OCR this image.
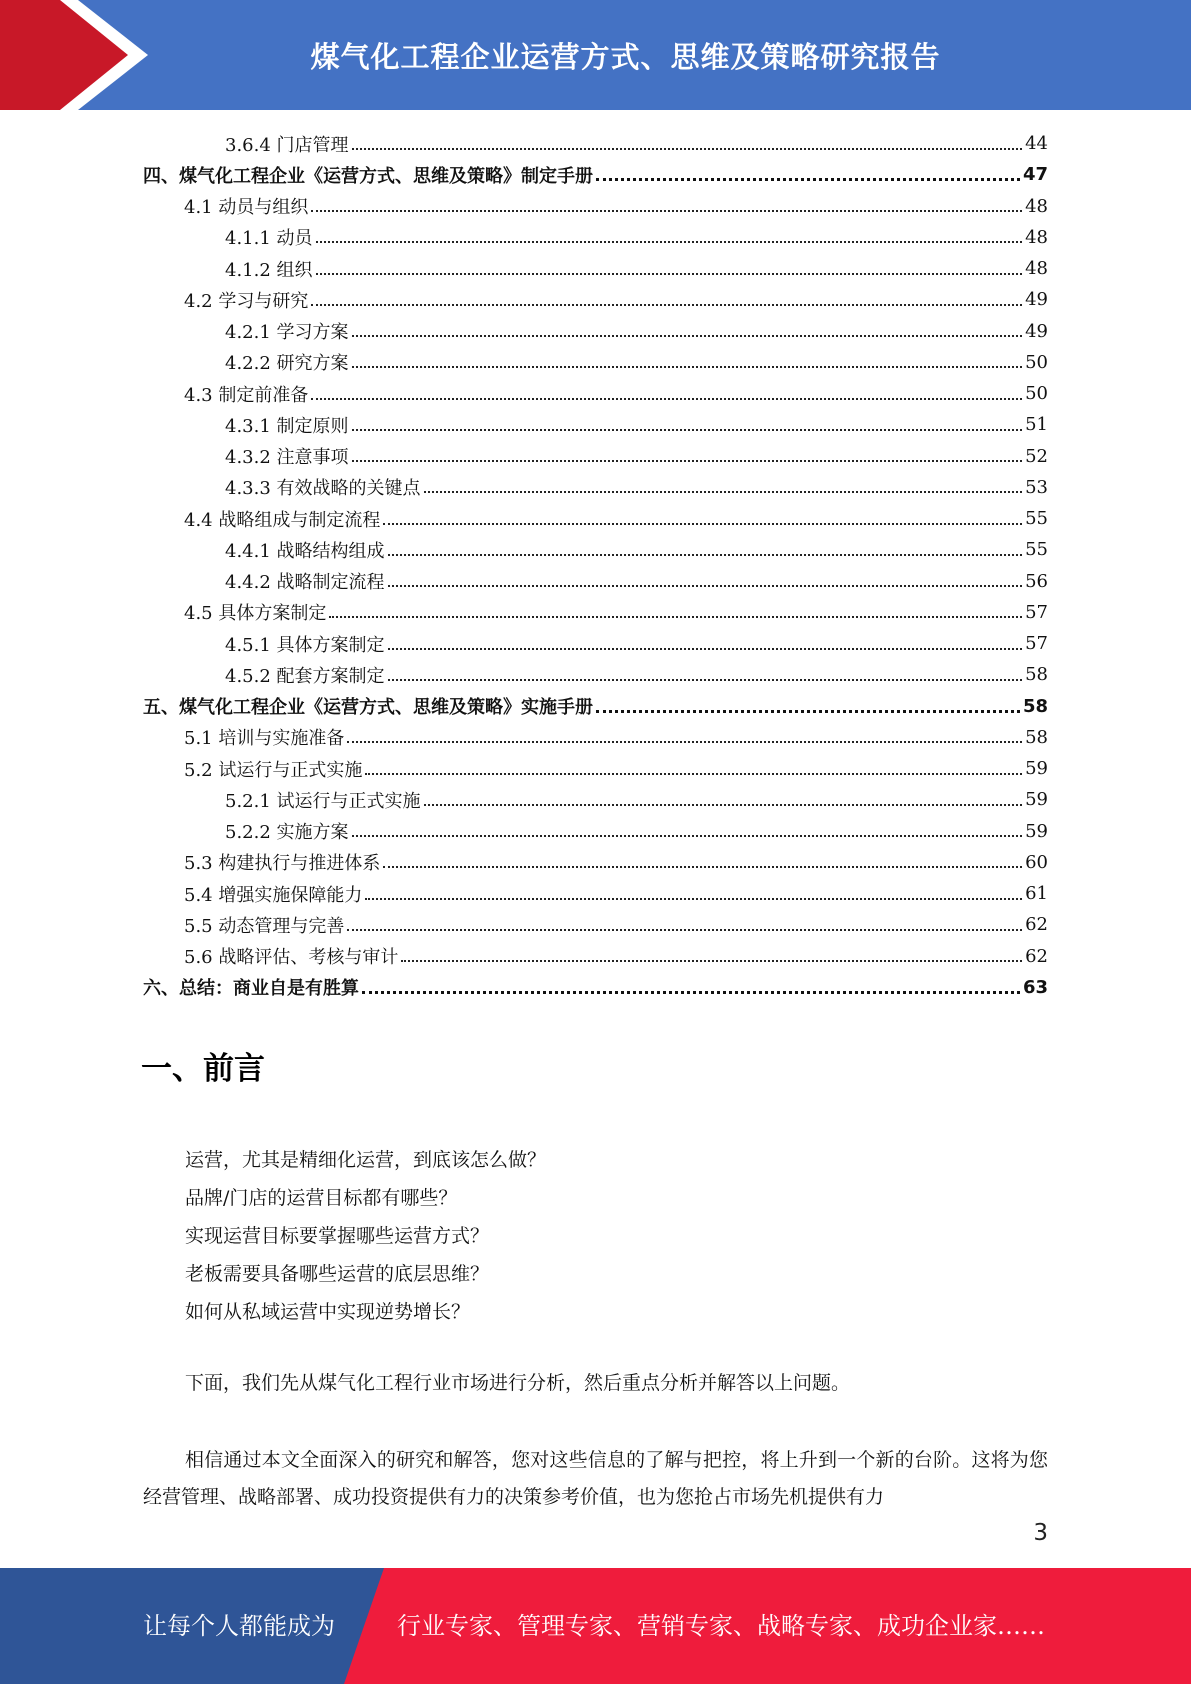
煤气化工程企业运营方式、思维及策略研究报告
3.6.4 门店管理	44
四、煤气化工程企业《运营方式、思维及策略》制定手册	47
4.1 动员与组织	48
4.1.1 动员	48
4.1.2 组织	48
4.2 学习与研究	49
4.2.1 学习方案	49
4.2.2 研究方案	50
4.3 制定前准备	50
4.3.1 制定原则	51
4.3.2 注意事项	52
4.3.3 有效战略的关键点	53
4.4 战略组成与制定流程	55
4.4.1 战略结构组成	55
4.4.2 战略制定流程	56
4.5 具体方案制定	57
4.5.1 具体方案制定	57
4.5.2 配套方案制定	58
五、煤气化工程企业《运营方式、思维及策略》实施手册	58
5.1 培训与实施准备	58
5.2 试运行与正式实施	59
5.2.1 试运行与正式实施	59
5.2.2 实施方案	59
5.3 构建执行与推进体系	60
5.4 增强实施保障能力	61
5.5 动态管理与完善	62
5.6 战略评估、考核与审计	62
六、总结：商业自是有胜算	63
一、前言
运营，尤其是精细化运营，到底该怎么做？
品牌/门店的运营目标都有哪些？
实现运营目标要掌握哪些运营方式？
老板需要具备哪些运营的底层思维？
如何从私域运营中实现逆势增长？
下面，我们先从煤气化工程行业市场进行分析，然后重点分析并解答以上问题。
相信通过本文全面深入的研究和解答，您对这些信息的了解与把控，将上升到一个新的台阶。这将为您经营管理、战略部署、成功投资提供有力的决策参考价值，也为您抢占市场先机提供有力
3
让每个人都能成为	行业专家、管理专家、营销专家、战略专家、成功企业家……
